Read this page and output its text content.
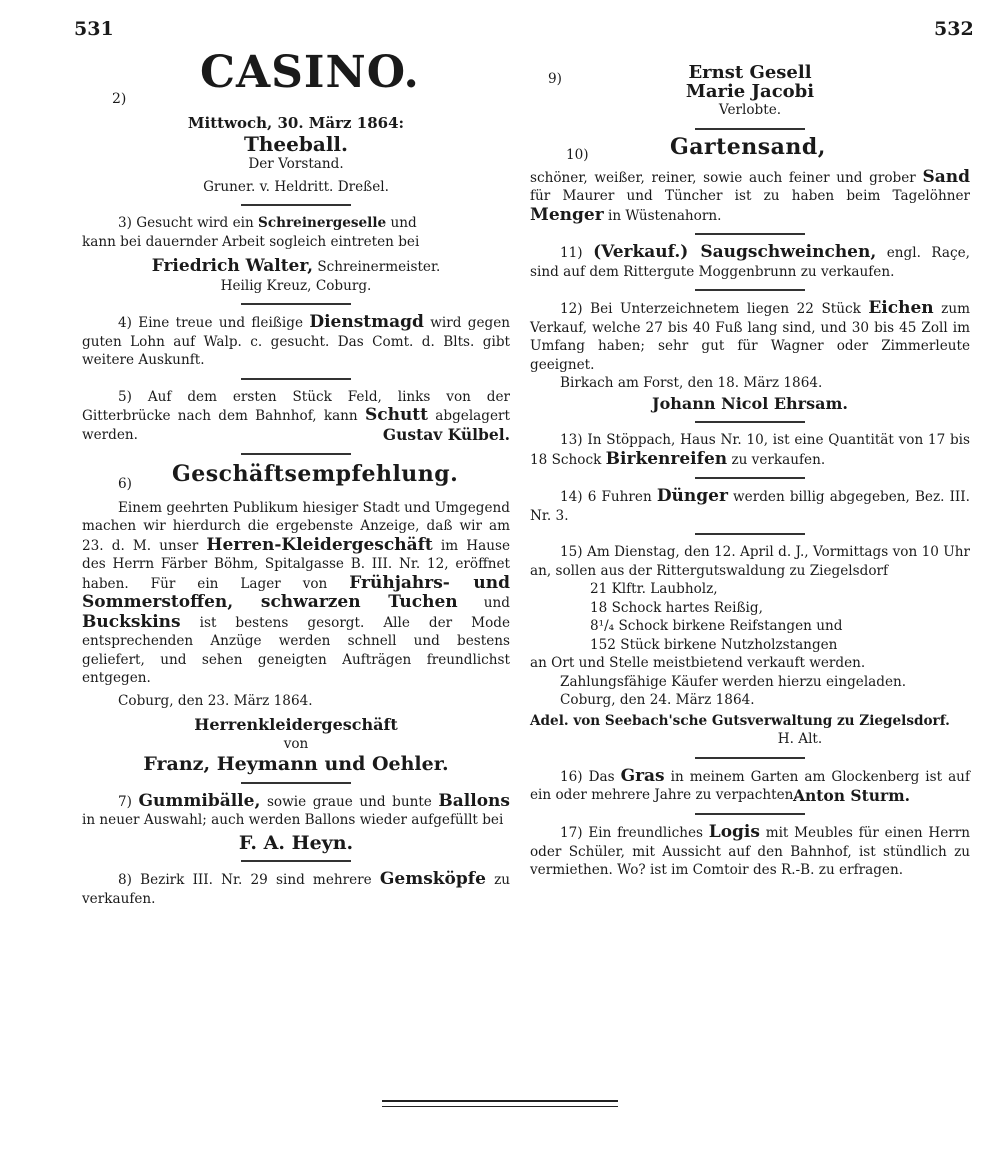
531	532
2)
CASINO.
Mittwoch, 30. März 1864:
Theeball.
Der Vorstand.
Gruner. v. Heldritt. Dreßel.

3) Gesucht wird ein Schreinergeselle und

kann bei dauernder Arbeit sogleich eintreten bei

Friedrich Walter, Schreinermeister.
Heilig Kreuz, Coburg.

4) Eine treue und fleißige Dienstmagd wird gegen guten Lohn auf Walp. c. gesucht. Das Comt. d. Blts. gibt weitere Auskunft.

5) Auf dem ersten Stück Feld, links von der Gitterbrücke nach dem Bahnhof, kann Schutt abgelagert werden.	Gustav Külbel.
6) Geschäftsempfehlung.

Einem geehrten Publikum hiesiger Stadt und Umgegend machen wir hierdurch die ergebenste Anzeige, daß wir am 23. d. M. unser Herren-Kleidergeschäft im Hause des Herrn Färber Böhm, Spitalgasse B. III. Nr. 12, eröffnet haben. Für ein Lager von Frühjahrs- und Sommerstoffen, schwarzen Tuchen und Buckskins ist bestens gesorgt. Alle der Mode entsprechenden Anzüge werden schnell und bestens geliefert, und sehen geneigten Aufträgen freundlichst entgegen.

Coburg, den 23. März 1864.
Herrenkleidergeschäft
von
Franz, Heymann und Oehler.

7) Gummibälle, sowie graue und bunte Ballons in neuer Auswahl; auch werden Ballons wieder aufgefüllt bei

F. A. Heyn.

8) Bezirk III. Nr. 29 sind mehrere Gemsköpfe zu verkaufen.

9)	Ernst Gesell
Marie Jacobi
Verlobte.
10)	Gartensand,

schöner, weißer, reiner, sowie auch feiner und grober Sand für Maurer und Tüncher ist zu haben beim Tagelöhner Menger in Wüstenahorn.

11) (Verkauf.) Saugschweinchen, engl. Raçe, sind auf dem Rittergute Moggenbrunn zu verkaufen.

12) Bei Unterzeichnetem liegen 22 Stück Eichen zum Verkauf, welche 27 bis 40 Fuß lang sind, und 30 bis 45 Zoll im Umfang haben; sehr gut für Wagner oder Zimmerleute geeignet.

Birkach am Forst, den 18. März 1864.
Johann Nicol Ehrsam.

13) In Stöppach, Haus Nr. 10, ist eine Quantität von 17 bis 18 Schock Birkenreifen zu verkaufen.

14) 6 Fuhren Dünger werden billig abgegeben, Bez. III. Nr. 3.

15) Am Dienstag, den 12. April d. J., Vormittags von 10 Uhr an, sollen aus der Rittergutswaldung zu Ziegelsdorf

21 Klftr. Laubholz,
18 Schock hartes Reißig,
8¹/₄ Schock birkene Reifstangen und
152 Stück birkene Nutzholzstangen

an Ort und Stelle meistbietend verkauft werden.

Zahlungsfähige Käufer werden hierzu eingeladen.

Coburg, den 24. März 1864.
Adel. von Seebach'sche Gutsverwaltung zu Ziegelsdorf.
H. Alt.

16) Das Gras in meinem Garten am Glockenberg ist auf ein oder mehrere Jahre zu verpachten.

Anton Sturm.

17) Ein freundliches Logis mit Meubles für einen Herrn oder Schüler, mit Aussicht auf den Bahnhof, ist stündlich zu vermiethen. Wo? ist im Comtoir des R.-B. zu erfragen.
